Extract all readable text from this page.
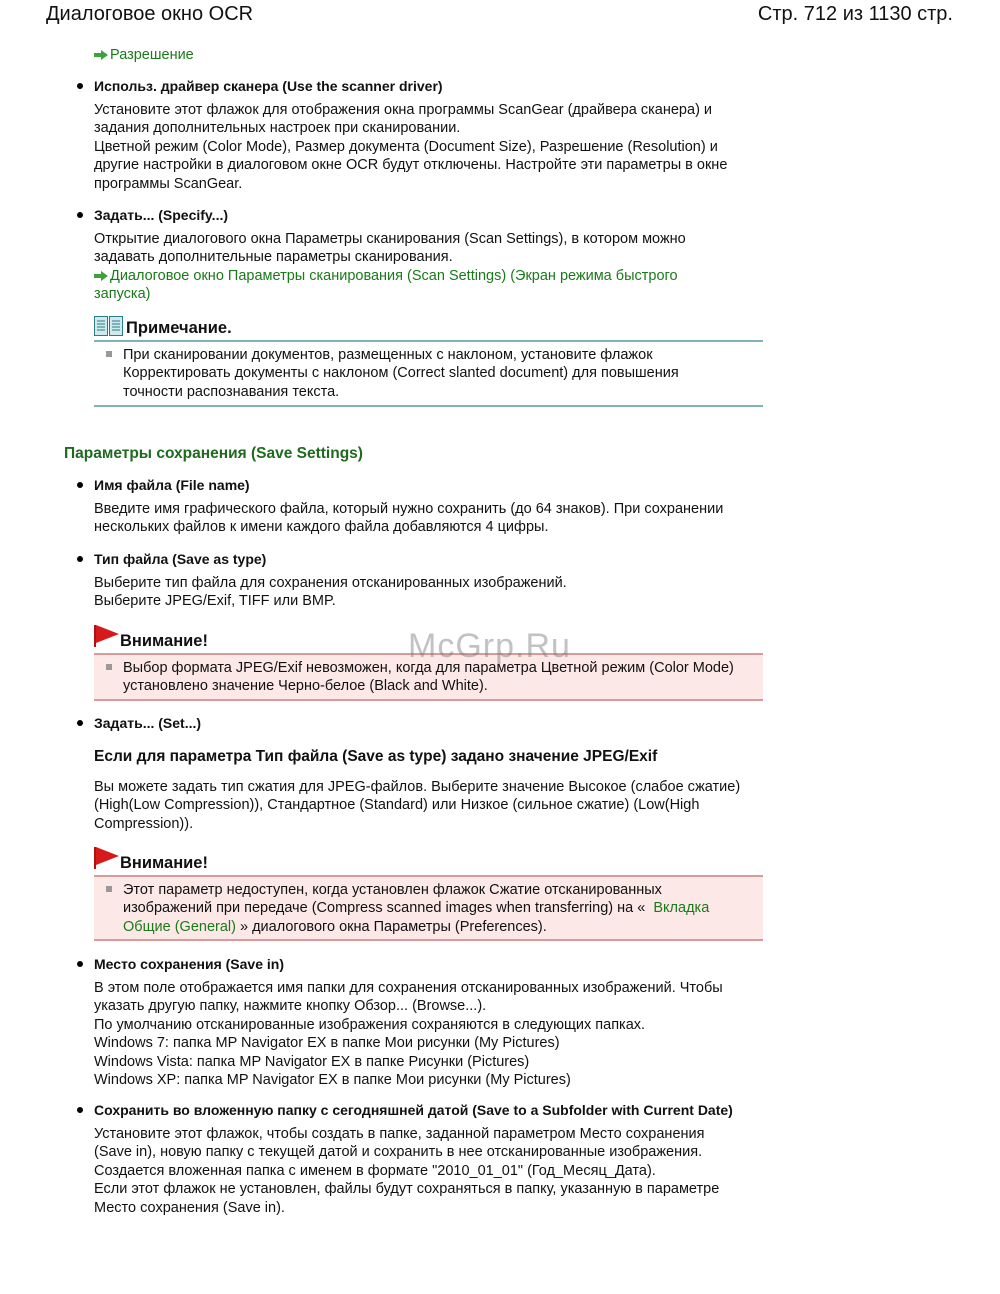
Диалоговое окно OCR	Стр. 712 из 1130 стр.
Разрешение
Использ. драйвер сканера (Use the scanner driver)

Установите этот флажок для отображения окна программы ScanGear (драйвера сканера) и

задания дополнительных настроек при сканировании.

Цветной режим (Color Mode), Размер документа (Document Size), Разрешение (Resolution) и

другие настройки в диалоговом окне OCR будут отключены. Настройте эти параметры в окне

программы ScanGear.

Задать... (Specify...)

Открытие диалогового окна Параметры сканирования (Scan Settings), в котором можно

задавать дополнительные параметры сканирования.

Диалоговое окно Параметры сканирования (Scan Settings) (Экран режима быстрого

запуска)

Примечание.

При сканировании документов, размещенных с наклоном, установите флажок

Корректировать документы с наклоном (Correct slanted document) для повышения

точности распознавания текста.

Параметры сохранения (Save Settings)
Имя файла (File name)

Введите имя графического файла, который нужно сохранить (до 64 знаков). При сохранении

нескольких файлов к имени каждого файла добавляются 4 цифры.

Тип файла (Save as type)

Выберите тип файла для сохранения отсканированных изображений.

Выберите JPEG/Exif, TIFF или BMP.

Внимание!

Выбор формата JPEG/Exif невозможен, когда для параметра Цветной режим (Color Mode)

установлено значение Черно-белое (Black and White).

Задать... (Set...)
Если для параметра Тип файла (Save as type) задано значение JPEG/Exif

Вы можете задать тип сжатия для JPEG-файлов. Выберите значение Высокое (слабое сжатие)

(High(Low Compression)), Стандартное (Standard) или Низкое (сильное сжатие) (Low(High

Compression)).

Внимание!

Этот параметр недоступен, когда установлен флажок Сжатие отсканированных

изображений при передаче (Compress scanned images when transferring) на « Вкладка

Общие (General) » диалогового окна Параметры (Preferences).

Место сохранения (Save in)

В этом поле отображается имя папки для сохранения отсканированных изображений. Чтобы

указать другую папку, нажмите кнопку Обзор... (Browse...).

По умолчанию отсканированные изображения сохраняются в следующих папках.

Windows 7: папка MP Navigator EX в папке Мои рисунки (My Pictures)

Windows Vista: папка MP Navigator EX в папке Рисунки (Pictures)

Windows XP: папка MP Navigator EX в папке Мои рисунки (My Pictures)

Сохранить во вложенную папку с сегодняшней датой (Save to a Subfolder with Current Date)

Установите этот флажок, чтобы создать в папке, заданной параметром Место сохранения

(Save in), новую папку с текущей датой и сохранить в нее отсканированные изображения.

Создается вложенная папка с именем в формате "2010_01_01" (Год_Месяц_Дата).

Если этот флажок не установлен, файлы будут сохраняться в папку, указанную в параметре

Место сохранения (Save in).

McGrp.Ru
